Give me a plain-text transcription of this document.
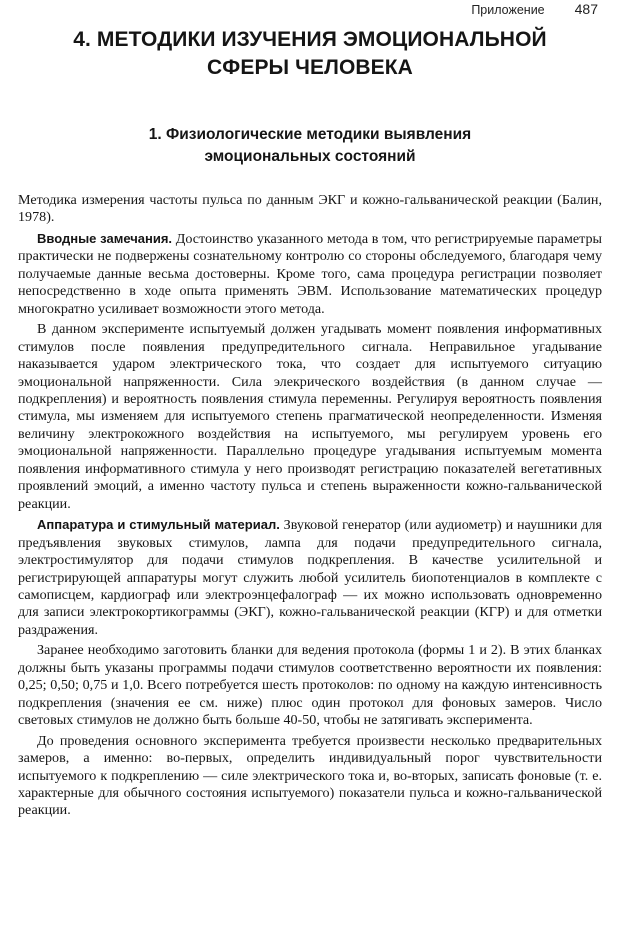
Приложение 487
4. МЕТОДИКИ ИЗУЧЕНИЯ ЭМОЦИОНАЛЬНОЙ
СФЕРЫ ЧЕЛОВЕКА
1. Физиологические методики выявления
эмоциональных состояний

Методика измерения частоты пульса по данным ЭКГ и кожно-гальванической реакции (Балин, 1978).

Вводные замечания. Достоинство указанного метода в том, что регистрируемые параметры практически не подвержены сознательному контролю со стороны обследуемого, благодаря чему получаемые данные весьма достоверны. Кроме того, сама процедура регистрации позволяет непосредственно в ходе опыта применять ЭВМ. Использование математических процедур многократно усиливает возможности этого метода.

В данном эксперименте испытуемый должен угадывать момент появления информативных стимулов после появления предупредительного сигнала. Неправильное угадывание наказывается ударом электрического тока, что создает для испытуемого ситуацию эмоциональной напряженности. Сила элекрического воздействия (в данном случае — подкрепления) и вероятность появления стимула переменны. Регулируя вероятность появления стимула, мы изменяем для испытуемого степень прагматической неопределенности. Изменяя величину электрокожного воздействия на испытуемого, мы регулируем уровень его эмоциональной напряженности. Параллельно процедуре угадывания испытуемым момента появления информативного стимула у него производят регистрацию показателей вегетативных проявлений эмоций, а именно частоту пульса и степень выраженности кожно-гальванической реакции.

Аппаратура и стимульный материал. Звуковой генератор (или аудиометр) и наушники для предъявления звуковых стимулов, лампа для подачи предупредительного сигнала, электростимулятор для подачи стимулов подкрепления. В качестве усилительной и регистрирующей аппаратуры могут служить любой усилитель биопотенциалов в комплекте с самописцем, кардиограф или электроэнцефалограф — их можно использовать одновременно для записи электрокортикограммы (ЭКГ), кожно-гальванической реакции (КГР) и для отметки раздражения.

Заранее необходимо заготовить бланки для ведения протокола (формы 1 и 2). В этих бланках должны быть указаны программы подачи стимулов соответственно вероятности их появления: 0,25; 0,50; 0,75 и 1,0. Всего потребуется шесть протоколов: по одному на каждую интенсивность подкрепления (значения ее см. ниже) плюс один протокол для фоновых замеров. Число световых стимулов не должно быть больше 40-50, чтобы не затягивать эксперимента.

До проведения основного эксперимента требуется произвести несколько предварительных замеров, а именно: во-первых, определить индивидуальный порог чувствительности испытуемого к подкреплению — силе электрического тока и, во-вторых, записать фоновые (т. е. характерные для обычного состояния испытуемого) показатели пульса и кожно-гальванической реакции.
